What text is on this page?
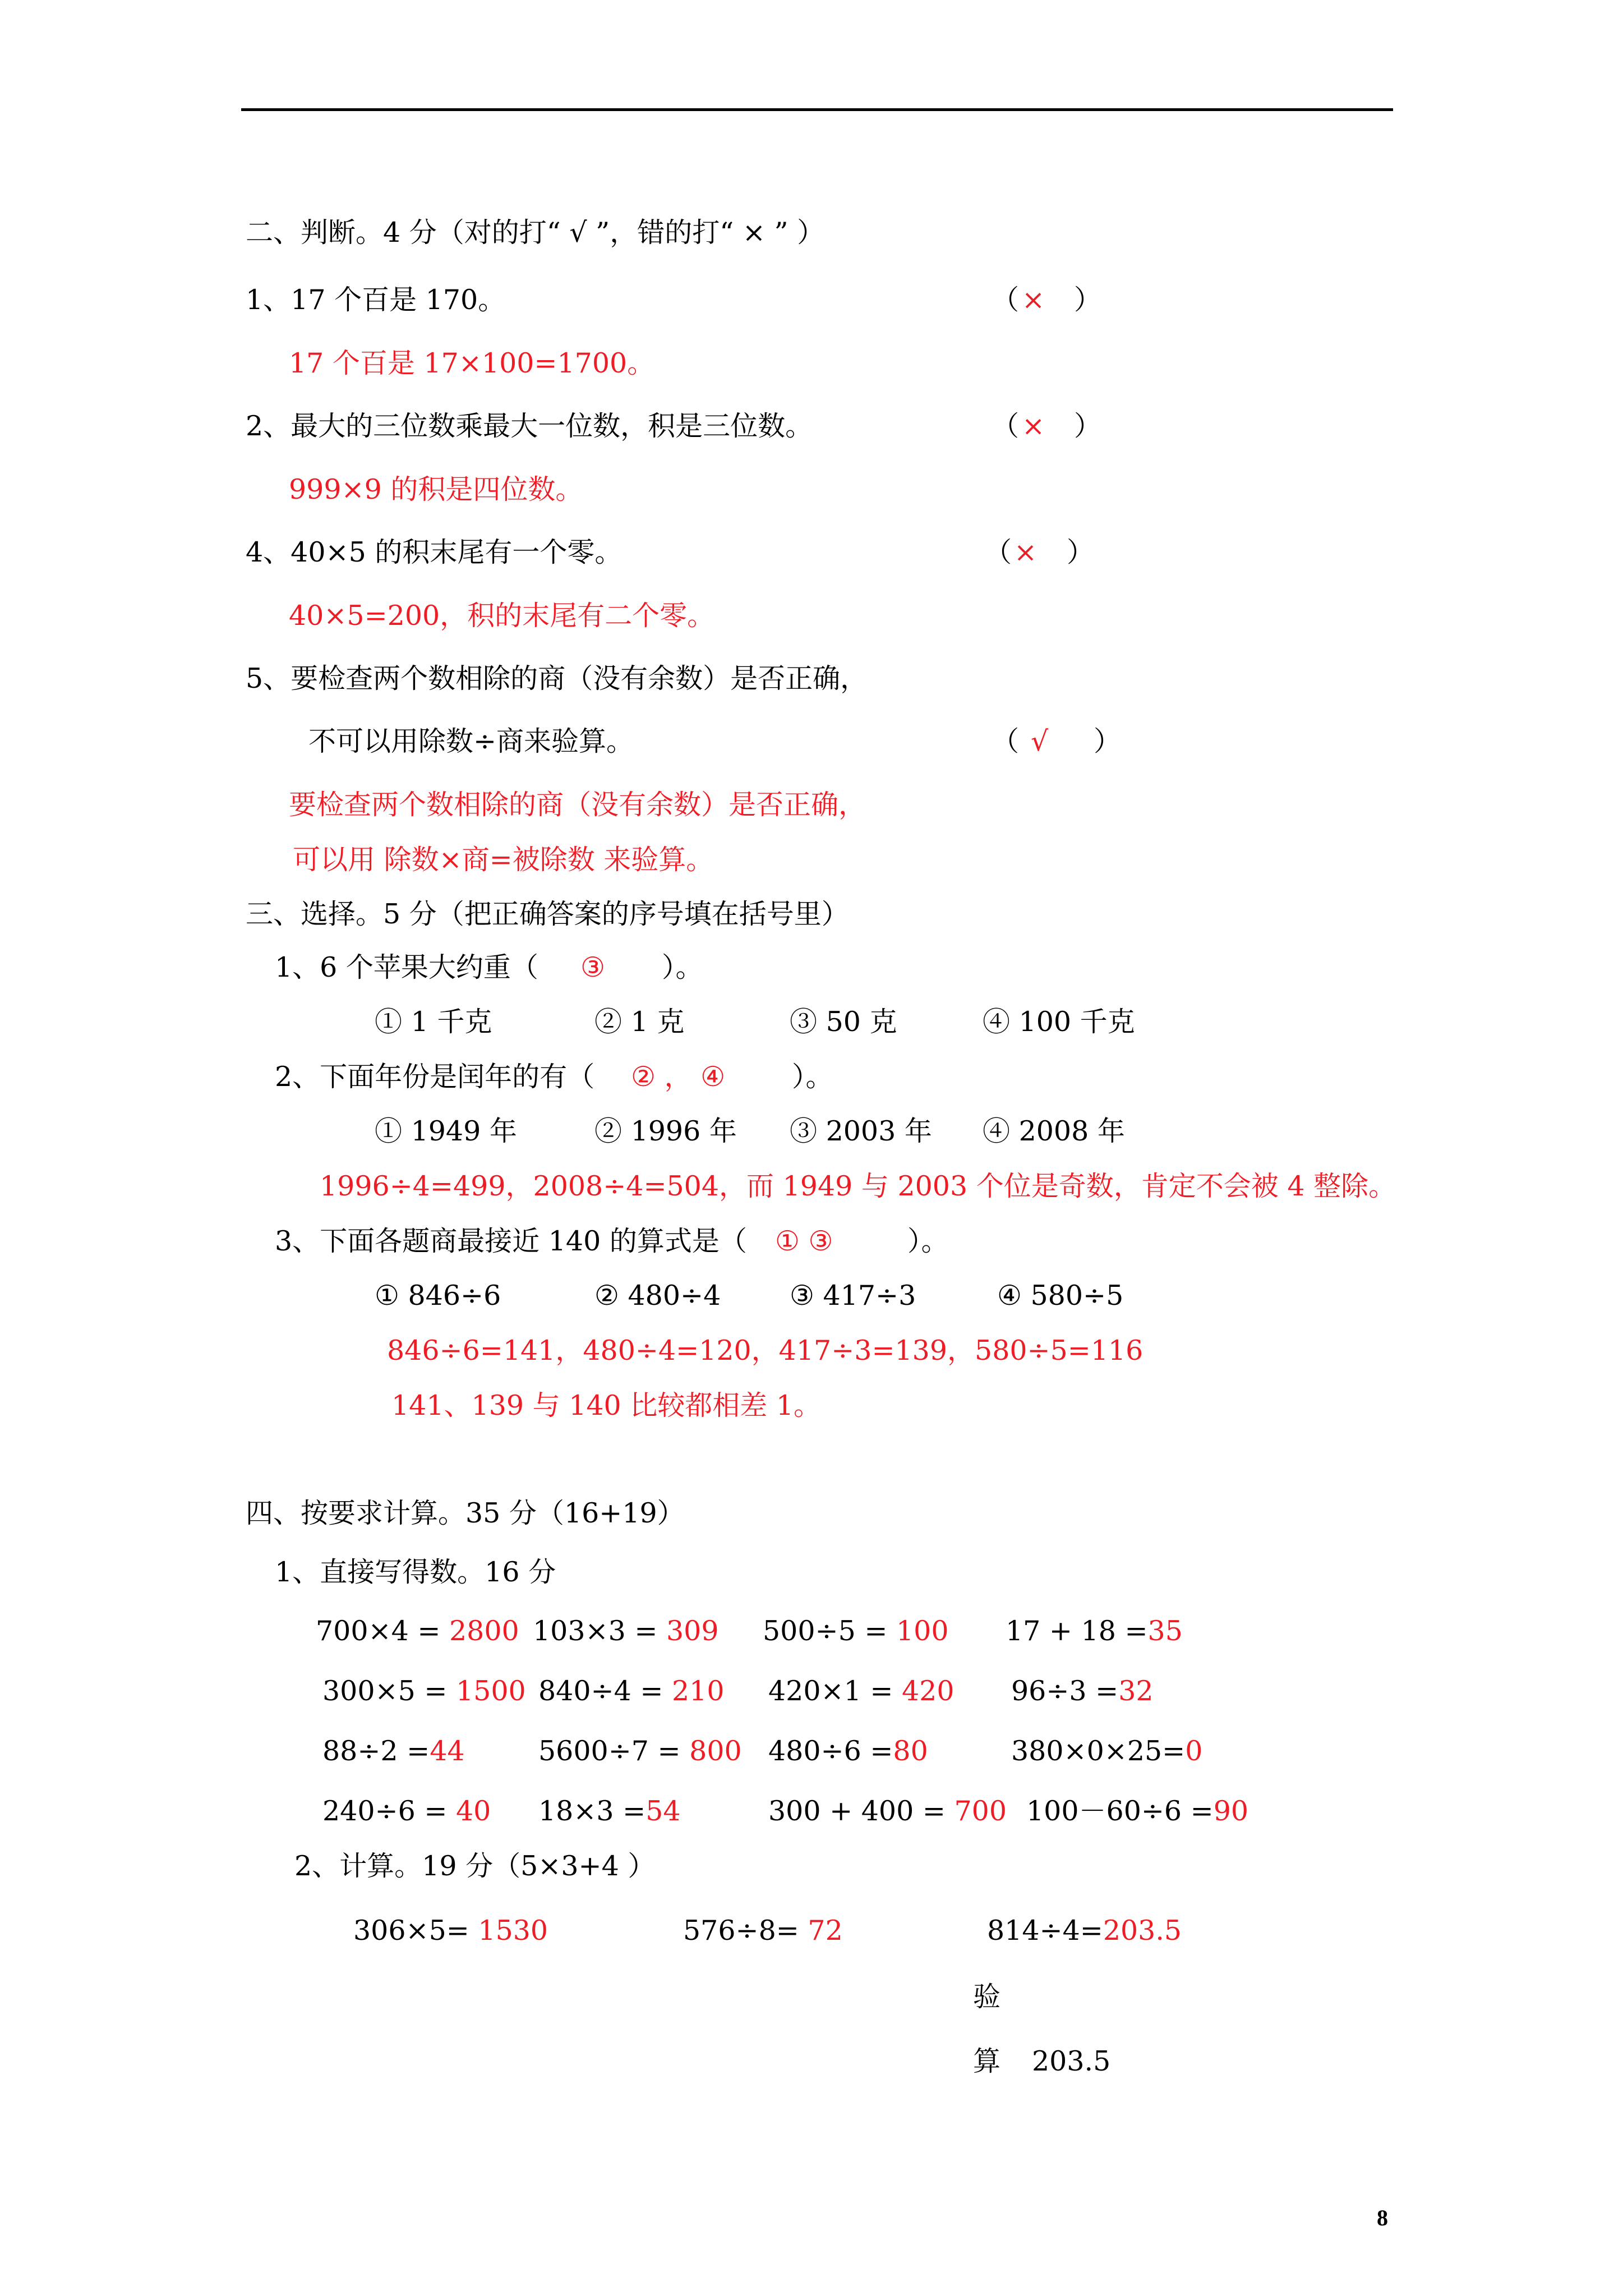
二、判断。4 分（对的打“ √ ”，错的打“ × ” ）
1、17 个百是 170。	（ × ）
17 个百是 17×100=1700。
2、最大的三位数乘最大一位数，积是三位数。	（ × ）
999×9 的积是四位数。
4、40×5 的积末尾有一个零。	（ × ）
40×5=200，积的末尾有二个零。
5、要检查两个数相除的商（没有余数）是否正确，
不可以用除数÷商来验算。	（ √ ）
要检查两个数相除的商（没有余数）是否正确，
可以用 除数×商=被除数 来验算。
三、选择。5 分（把正确答案的序号填在括号里）
1、6 个苹果大约重（ ③ ）。
① 1 千克	② 1 克	③ 50 克	④ 100 千克
2、下面年份是闰年的有（ ② ， ④ ）。
① 1949 年	② 1996 年 ③ 2003 年 ④ 2008 年
1996÷4=499，2008÷4=504，而 1949 与 2003 个位是奇数，肯定不会被 4 整除。
3、下面各题商最接近 140 的算式是（ ① ③	）。
① 846÷6	② 480÷4	③ 417÷3	④ 580÷5
846÷6=141，480÷4=120，417÷3=139，580÷5=116
141、139 与 140 比较都相差 1。
四、按要求计算。35 分（16+19）
1、直接写得数。16 分
700×4 = 2800 103×3 = 309 500÷5 = 100 17 + 18 =35
300×5 = 1500 840÷4 = 210 420×1 = 420 96÷3 =32
88÷2 =44	5600÷7 = 800 480÷6 =80	380×0×25=0
240÷6 = 40 18×3 =54	300 + 400 = 700 100－60÷6 =90
2、计算。19 分（5×3+4 ）
306×5= 1530	576÷8= 72	814÷4=203.5
验
算 203.5
8
